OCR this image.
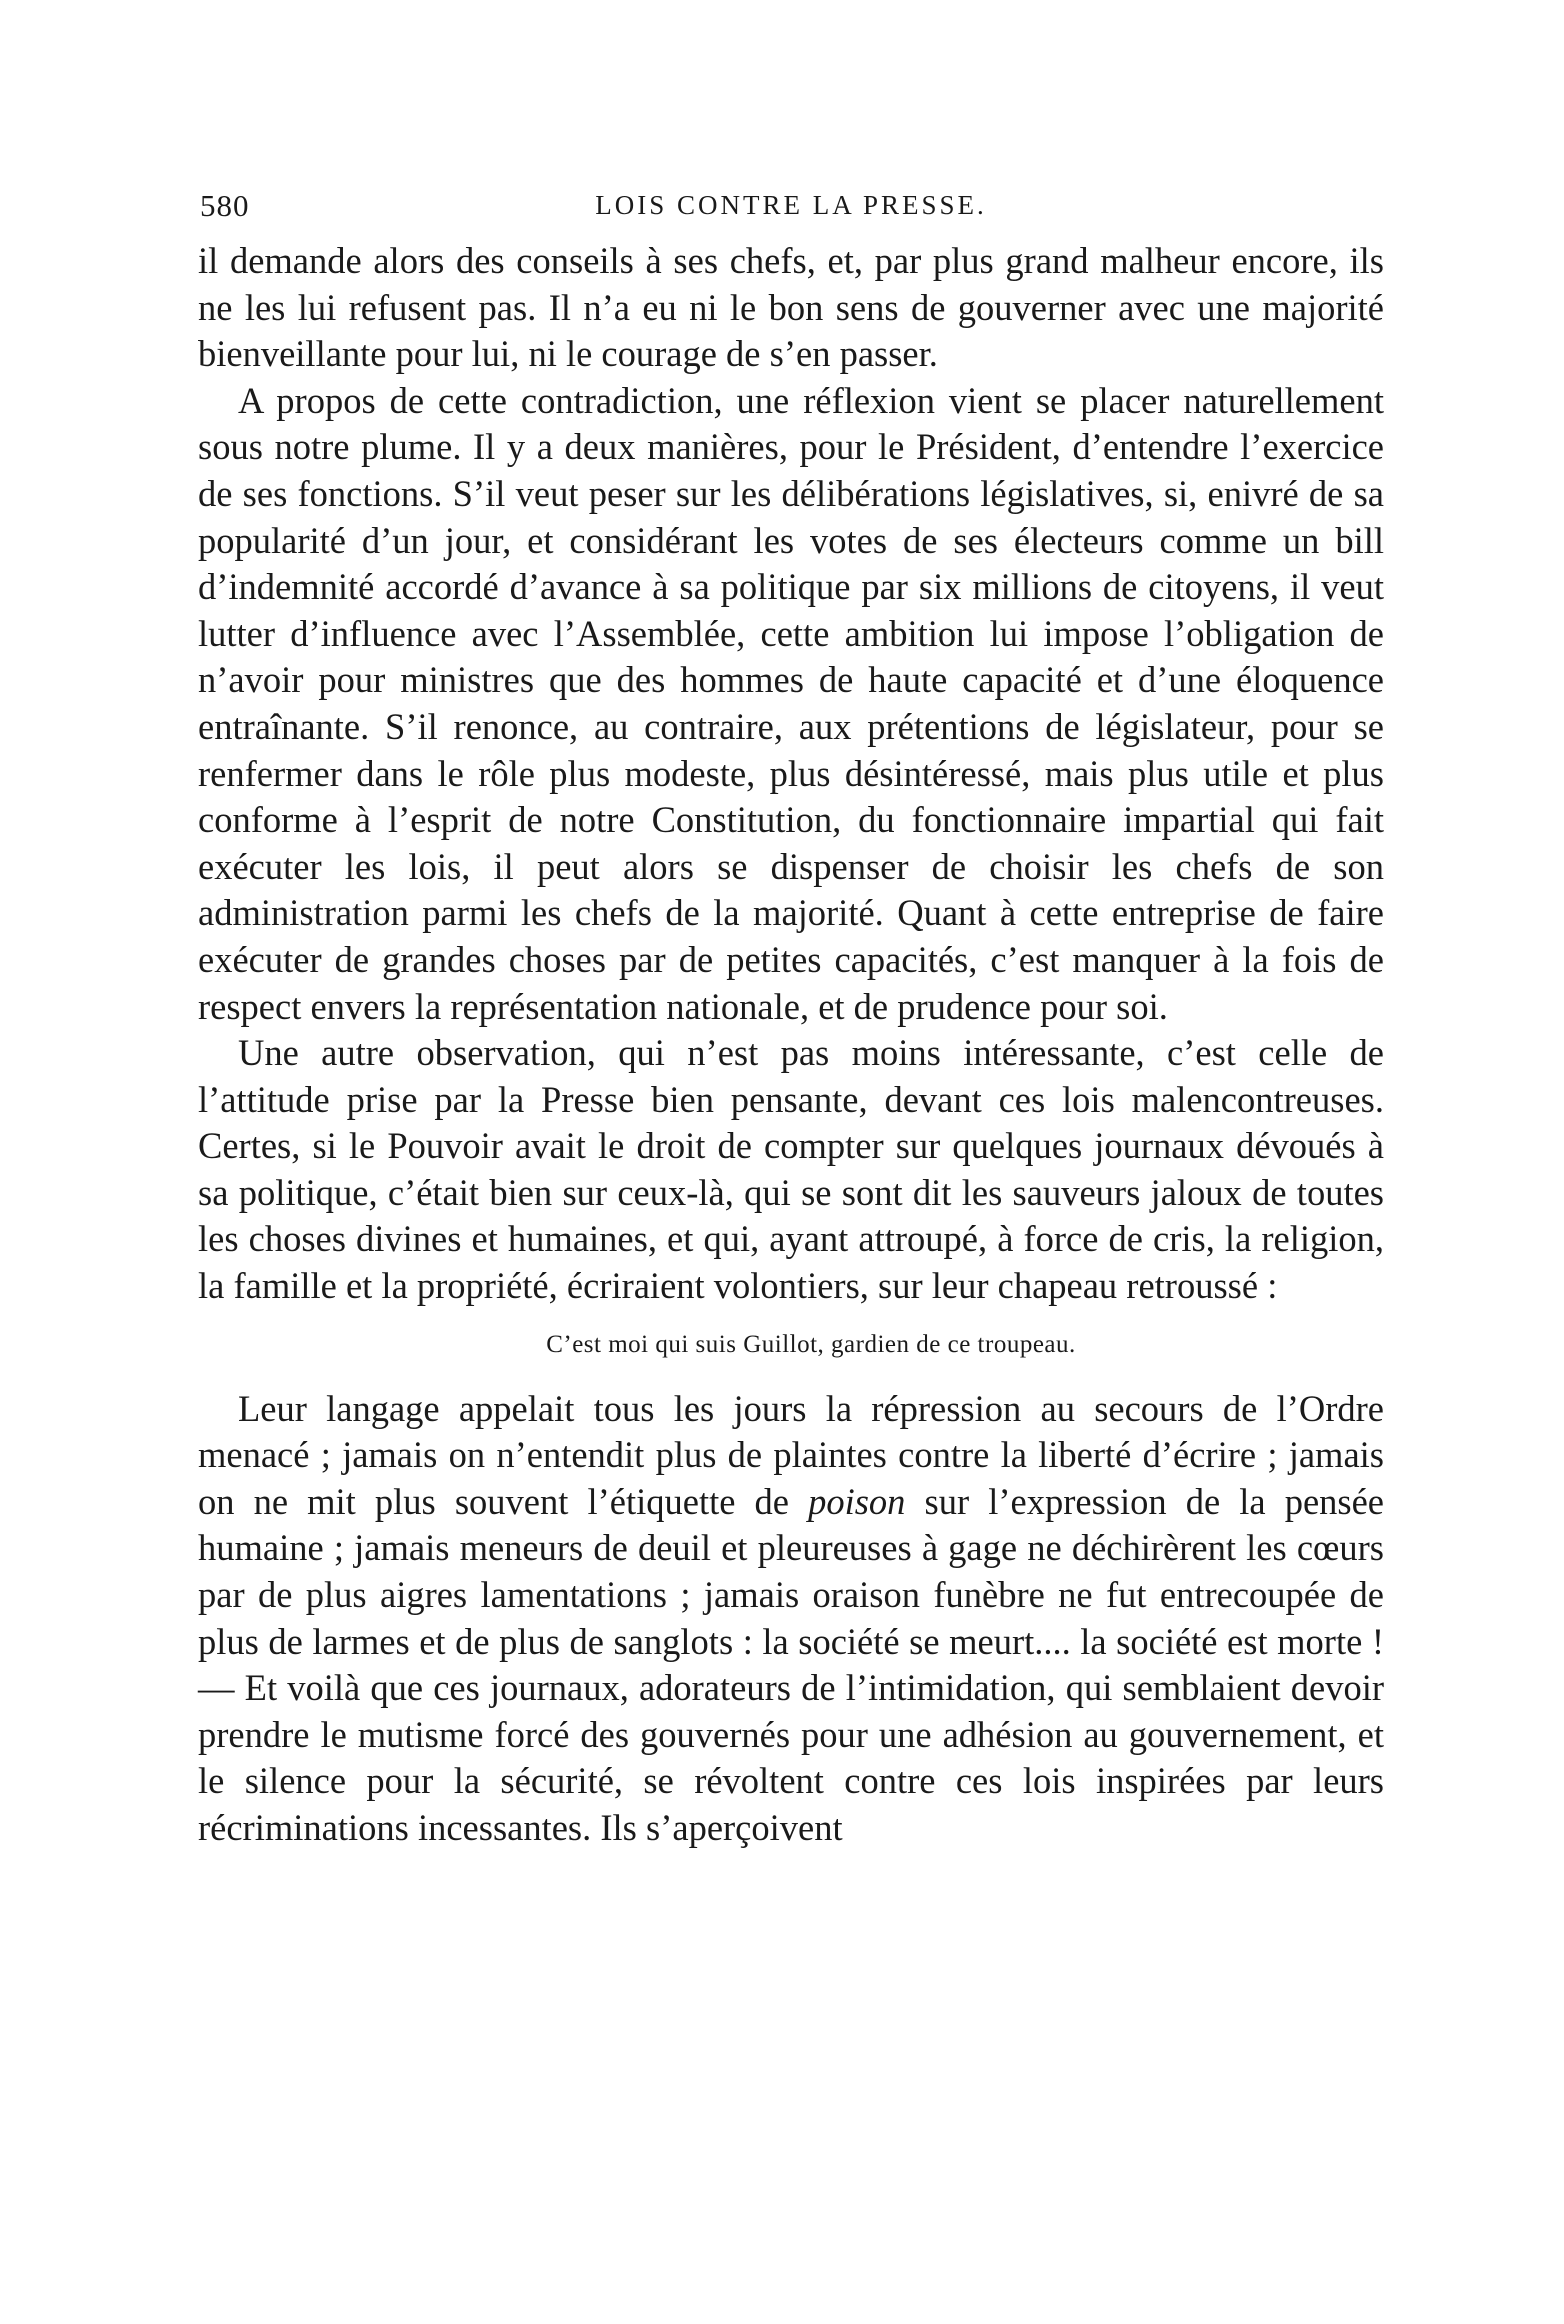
580	LOIS CONTRE LA PRESSE.

il demande alors des conseils à ses chefs, et, par plus grand malheur encore, ils ne les lui refusent pas. Il n’a eu ni le bon sens de gouverner avec une majorité bienveillante pour lui, ni le courage de s’en passer.

A propos de cette contradiction, une réflexion vient se placer naturellement sous notre plume. Il y a deux manières, pour le Président, d’entendre l’exercice de ses fonctions. S’il veut peser sur les délibérations législatives, si, enivré de sa popularité d’un jour, et considérant les votes de ses électeurs comme un bill d’indemnité accordé d’avance à sa politique par six millions de citoyens, il veut lutter d’influence avec l’Assemblée, cette ambition lui impose l’obligation de n’avoir pour ministres que des hommes de haute capacité et d’une éloquence entraînante. S’il renonce, au contraire, aux prétentions de législateur, pour se renfermer dans le rôle plus modeste, plus désintéressé, mais plus utile et plus conforme à l’esprit de notre Constitution, du fonctionnaire impartial qui fait exécuter les lois, il peut alors se dispenser de choisir les chefs de son administration parmi les chefs de la majorité. Quant à cette entreprise de faire exécuter de grandes choses par de petites capacités, c’est manquer à la fois de respect envers la représentation nationale, et de prudence pour soi.

Une autre observation, qui n’est pas moins intéressante, c’est celle de l’attitude prise par la Presse bien pensante, devant ces lois malencontreuses. Certes, si le Pouvoir avait le droit de compter sur quelques journaux dévoués à sa politique, c’était bien sur ceux-là, qui se sont dit les sauveurs jaloux de toutes les choses divines et humaines, et qui, ayant attroupé, à force de cris, la religion, la famille et la propriété, écriraient volontiers, sur leur chapeau retroussé :

C’est moi qui suis Guillot, gardien de ce troupeau.

Leur langage appelait tous les jours la répression au secours de l’Ordre menacé ; jamais on n’entendit plus de plaintes contre la liberté d’écrire ; jamais on ne mit plus souvent l’étiquette de poison sur l’expression de la pensée humaine ; jamais meneurs de deuil et pleureuses à gage ne déchirèrent les cœurs par de plus aigres lamentations ; jamais oraison funèbre ne fut entrecoupée de plus de larmes et de plus de sanglots : la société se meurt.... la société est morte ! — Et voilà que ces journaux, adorateurs de l’intimidation, qui semblaient devoir prendre le mutisme forcé des gouvernés pour une adhésion au gouvernement, et le silence pour la sécurité, se révoltent contre ces lois inspirées par leurs récriminations incessantes. Ils s’aperçoivent
